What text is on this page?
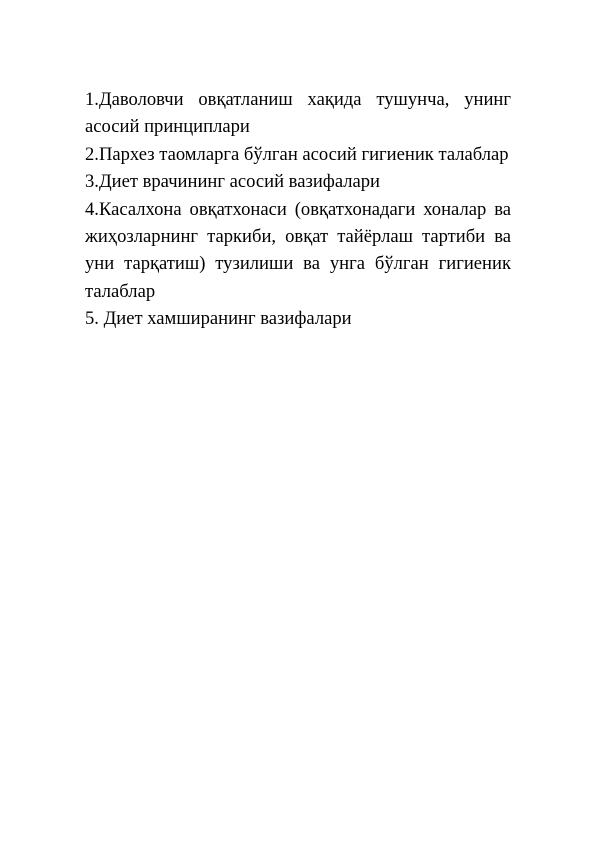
1.Даволовчи овқатланиш хақида тушунча, унинг асосий принциплари

2.Пархез таомларга бўлган асосий гигиеник талаблар

3.Диет врачининг асосий вазифалари

4.Касалхона овқатхонаси (овқатхонадаги хоналар ва жиҳозларнинг таркиби, овқат тайёрлаш тартиби ва уни тарқатиш) тузилиши ва унга бўлган гигиеник талаблар

5. Диет хамширанинг вазифалари
